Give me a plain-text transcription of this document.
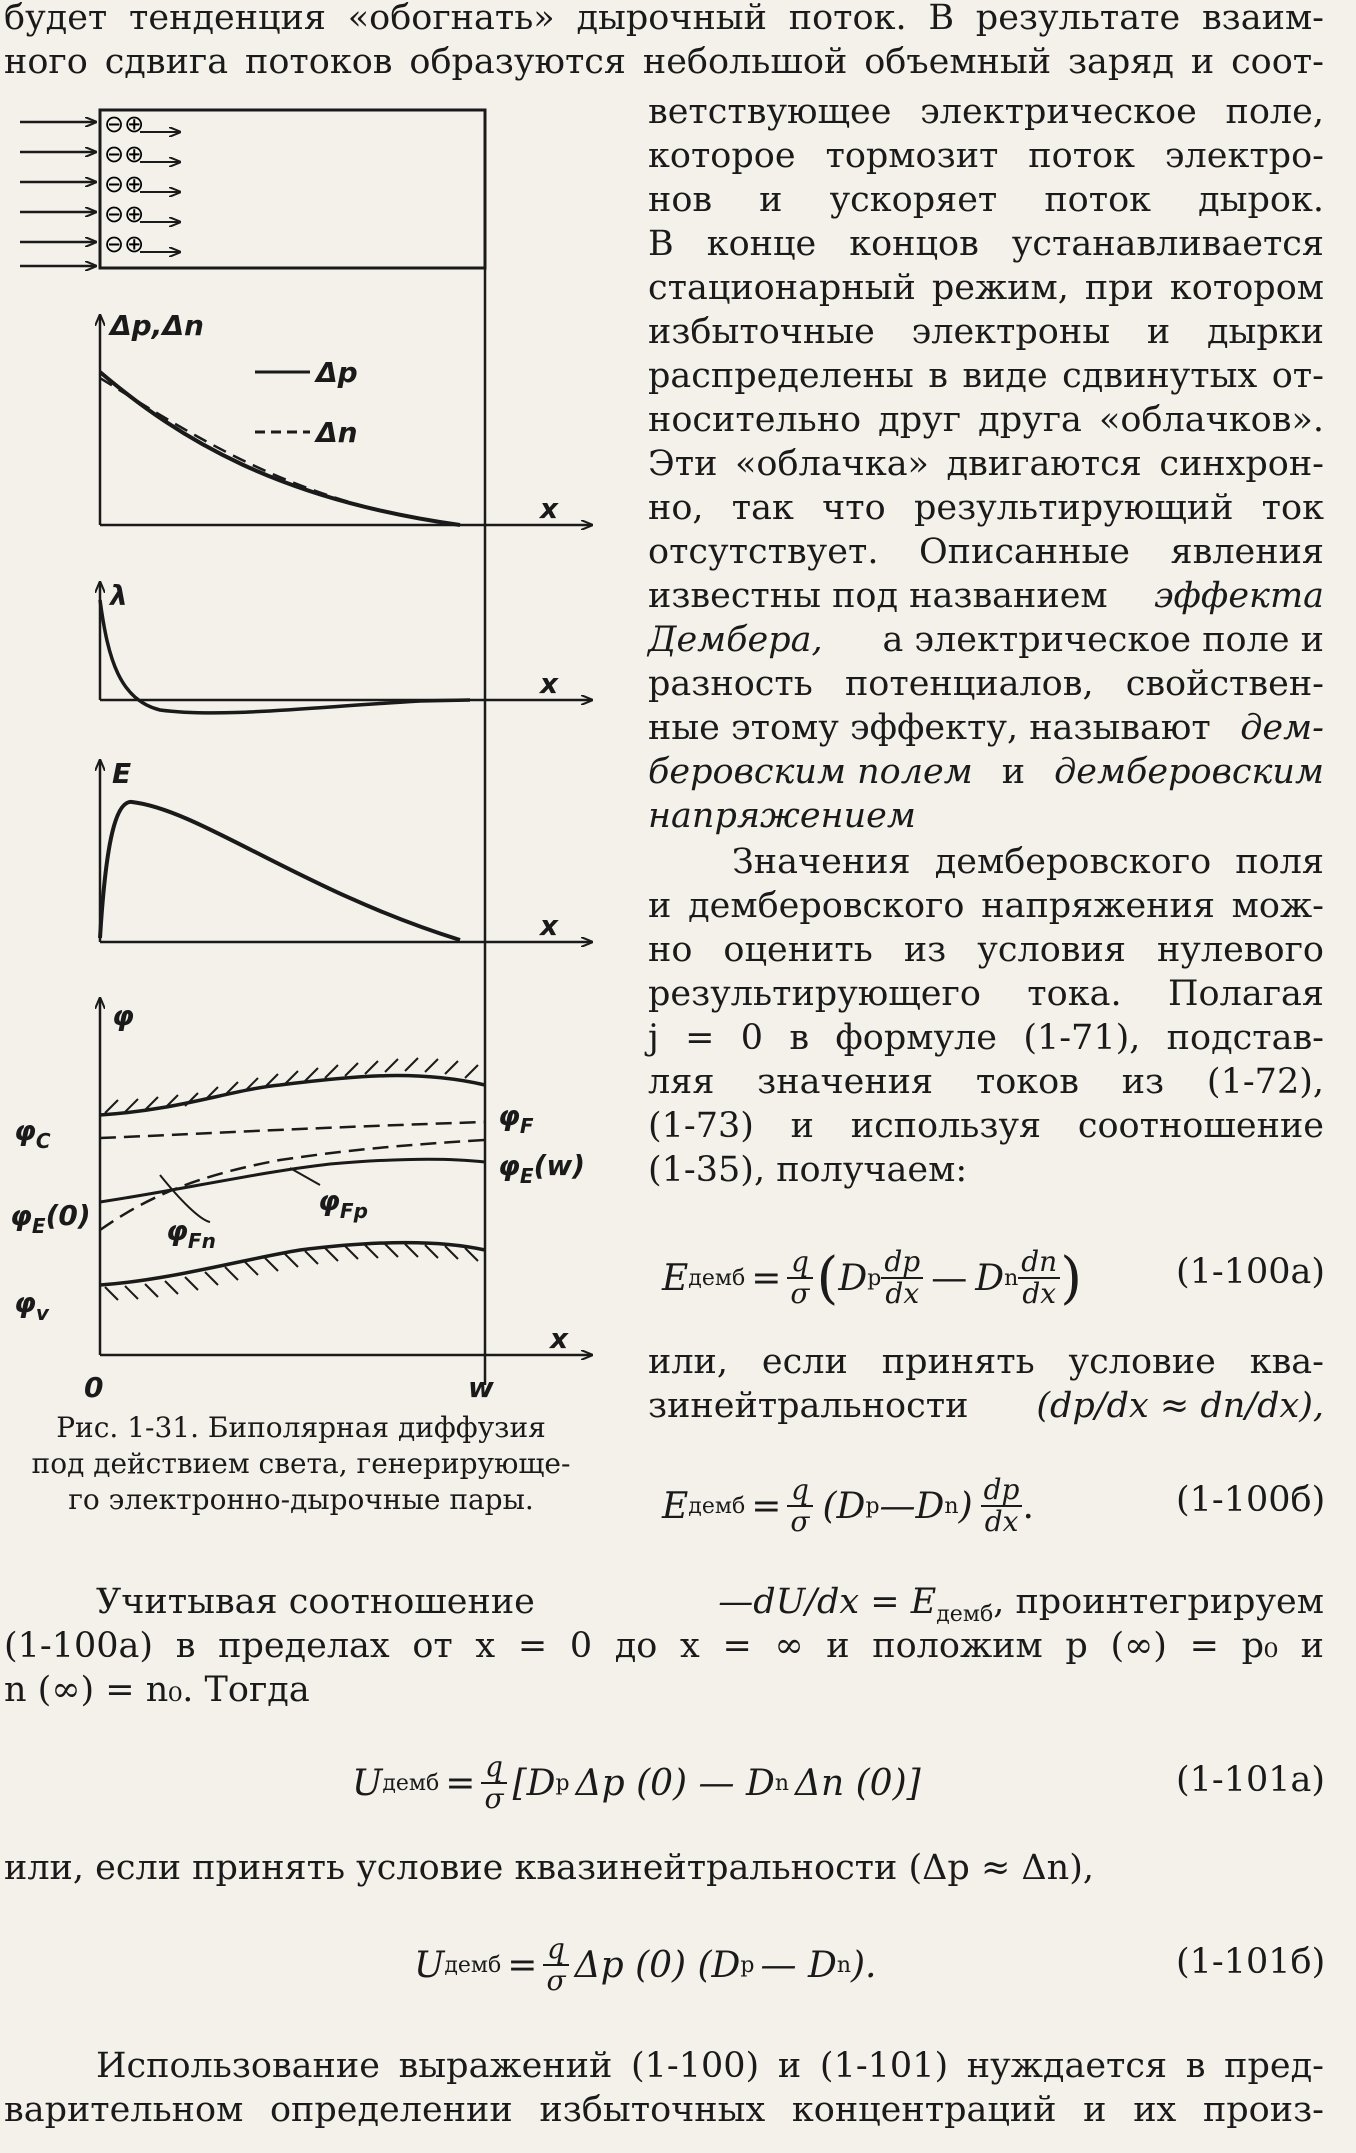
будет тенденция «обогнать» дырочный поток. В результате взаим-
ного сдвига потоков образуются небольшой объемный заряд и соот-
ветствующее электрическое поле,
которое тормозит поток электро-
нов и ускоряет поток дырок.
В конце концов устанавливается
стационарный режим, при котором
избыточные электроны и дырки
распределены в виде сдвинутых от-
носительно друг друга «облачков».
Эти «облачка» двигаются синхрон-
но, так что результирующий ток
отсутствует. Описанные явления
известны под названием эффекта
Дембера, а электрическое поле и
разность потенциалов, свойствен-
ные этому эффекту, называют дем-
беровским полем и демберовским
напряжением
Значения демберовского поля
и демберовского напряжения мож-
но оценить из условия нулевого
результирующего тока. Полагая
j = 0 в формуле (1-71), подстав-
ляя значения токов из (1-72),
(1-73) и используя соотношение
(1-35), получаем:
E демб = $\frac{q}{\sigma}$ ( D p $\frac{dp}{dx}$ — D n $\frac{dn}{dx}$ )	(1-100а)
или, если принять условие ква-
зинейтральности (dp/dx ≈ dn/dx),
E демб = $\frac{q}{\sigma} (D$ p —D n ) $\frac{dp}{dx}$ .	(1-100б)
Рис. 1-31. Биполярная диффузия
под действием света, генерирующе-
го электронно-дырочные пары.
Учитывая соотношение	—dU/dx = $E_{демб}$, проинтегрируем
(1-100а) в пределах от x = 0 до x = ∞ и положим p (∞) = p₀ и
n (∞) = n₀. Тогда
U демб = $\frac{q}{\sigma} [D$ p Δp (0) — D n Δn (0)]	(1-101а)
или, если принять условие квазинейтральности (Δp ≈ Δn),
U демб = $\frac{q}{\sigma}$ Δp (0) (D p — D n ).	(1-101б)
Использование выражений (1-100) и (1-101) нуждается в пред-
варительном определении избыточных концентраций и их произ-
⊖⊕
⊖⊕
⊖⊕
⊖⊕
⊖⊕
Δp,Δn
x
Δp
Δn
λ
x
E
x
φ
x
$\varphi_C$
$\varphi_E(0)$
$\varphi_v$
$\varphi_F$
$\varphi_E(w)$
$\varphi_{Fp}$
$\varphi_{Fn}$
0	w
